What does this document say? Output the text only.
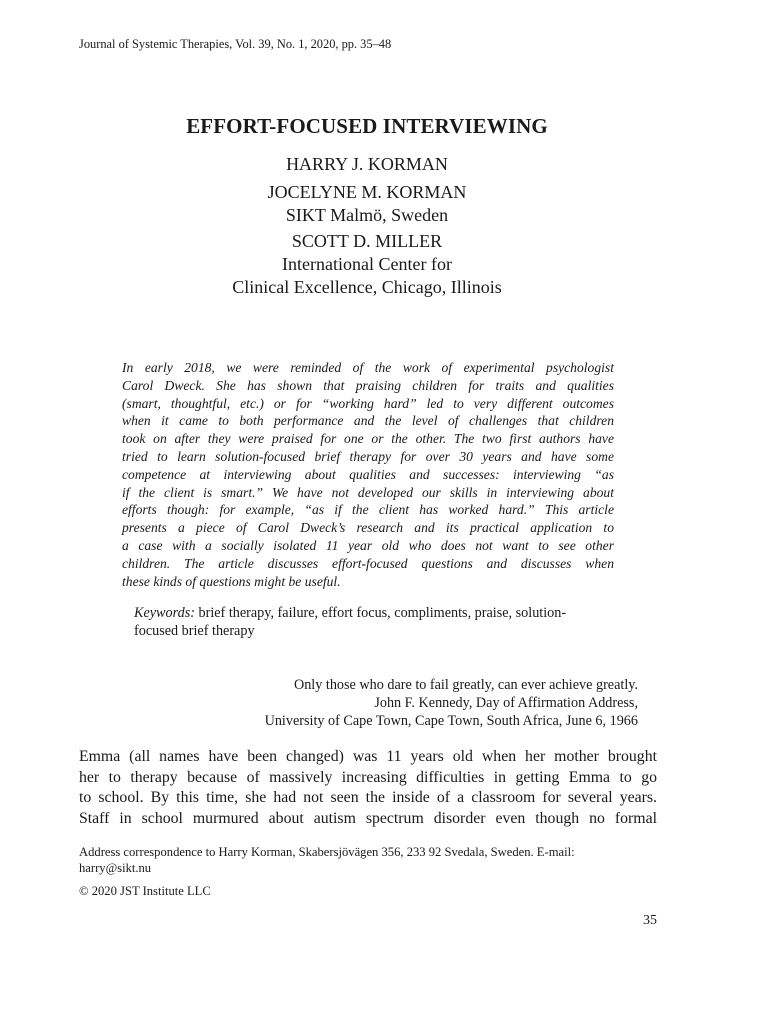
Journal of Systemic Therapies, Vol. 39, No. 1, 2020, pp. 35–48
EFFORT-FOCUSED INTERVIEWING
HARRY J. KORMAN
JOCELYNE M. KORMAN
SIKT Malmö, Sweden
SCOTT D. MILLER
International Center for
Clinical Excellence, Chicago, Illinois
In early 2018, we were reminded of the work of experimental psychologist
Carol Dweck. She has shown that praising children for traits and qualities
(smart, thoughtful, etc.) or for “working hard” led to very different outcomes
when it came to both performance and the level of challenges that children
took on after they were praised for one or the other. The two first authors have
tried to learn solution-focused brief therapy for over 30 years and have some
competence at interviewing about qualities and successes: interviewing “as
if the client is smart.” We have not developed our skills in interviewing about
efforts though: for example, “as if the client has worked hard.” This article
presents a piece of Carol Dweck’s research and its practical application to
a case with a socially isolated 11 year old who does not want to see other
children. The article discusses effort-focused questions and discusses when
these kinds of questions might be useful.
Keywords: brief therapy, failure, effort focus, compliments, praise, solution-
focused brief therapy
Only those who dare to fail greatly, can ever achieve greatly.
John F. Kennedy, Day of Affirmation Address,
University of Cape Town, Cape Town, South Africa, June 6, 1966
Emma (all names have been changed) was 11 years old when her mother brought
her to therapy because of massively increasing difficulties in getting Emma to go
to school. By this time, she had not seen the inside of a classroom for several years.
Staff in school murmured about autism spectrum disorder even though no formal
Address correspondence to Harry Korman, Skabersjövägen 356, 233 92 Svedala, Sweden. E-mail:
harry@sikt.nu
© 2020 JST Institute LLC
35
